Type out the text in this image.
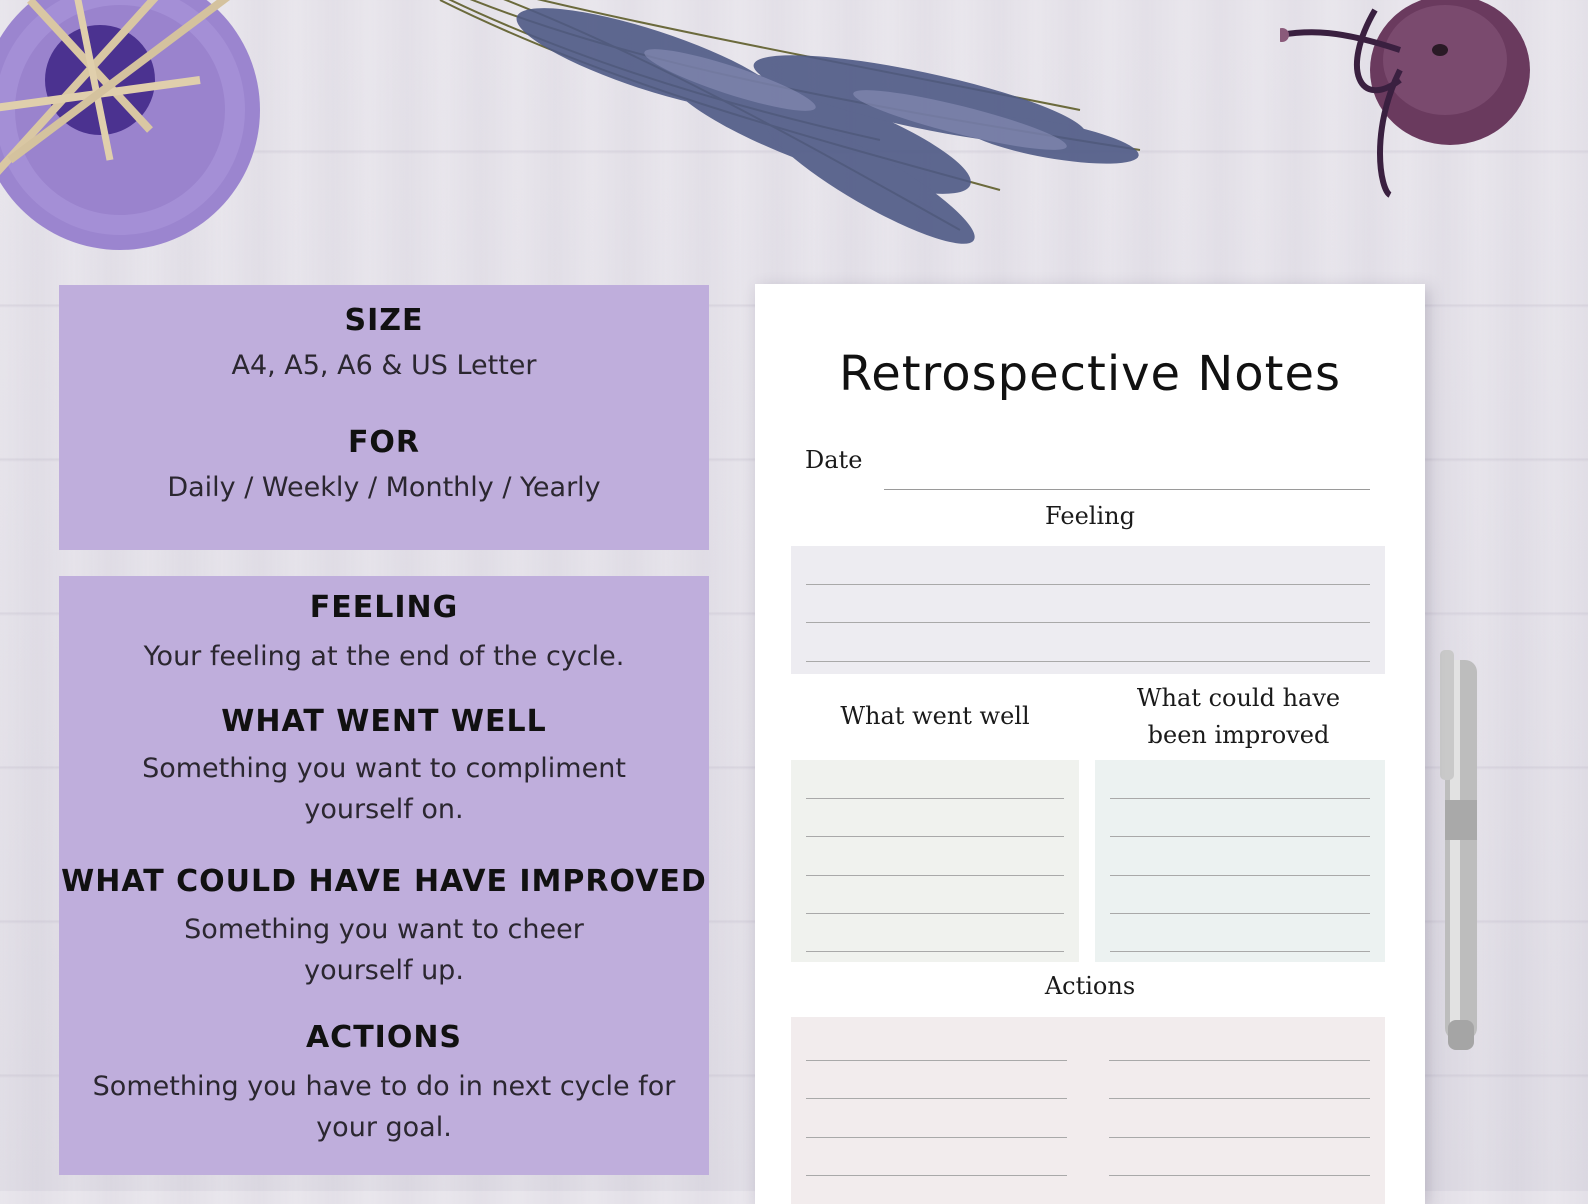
SIZE
A4, A5, A6 & US Letter
FOR
Daily / Weekly / Monthly / Yearly
FEELING
Your feeling at the end of the cycle.
WHAT WENT WELL
Something you want to compliment yourself on.
WHAT COULD HAVE HAVE IMPROVED
Something you want to cheer yourself up.
ACTIONS
Something you have to do in next cycle for your goal.
Retrospective Notes
Date
Feeling
What went well
What could have
been improved
Actions
